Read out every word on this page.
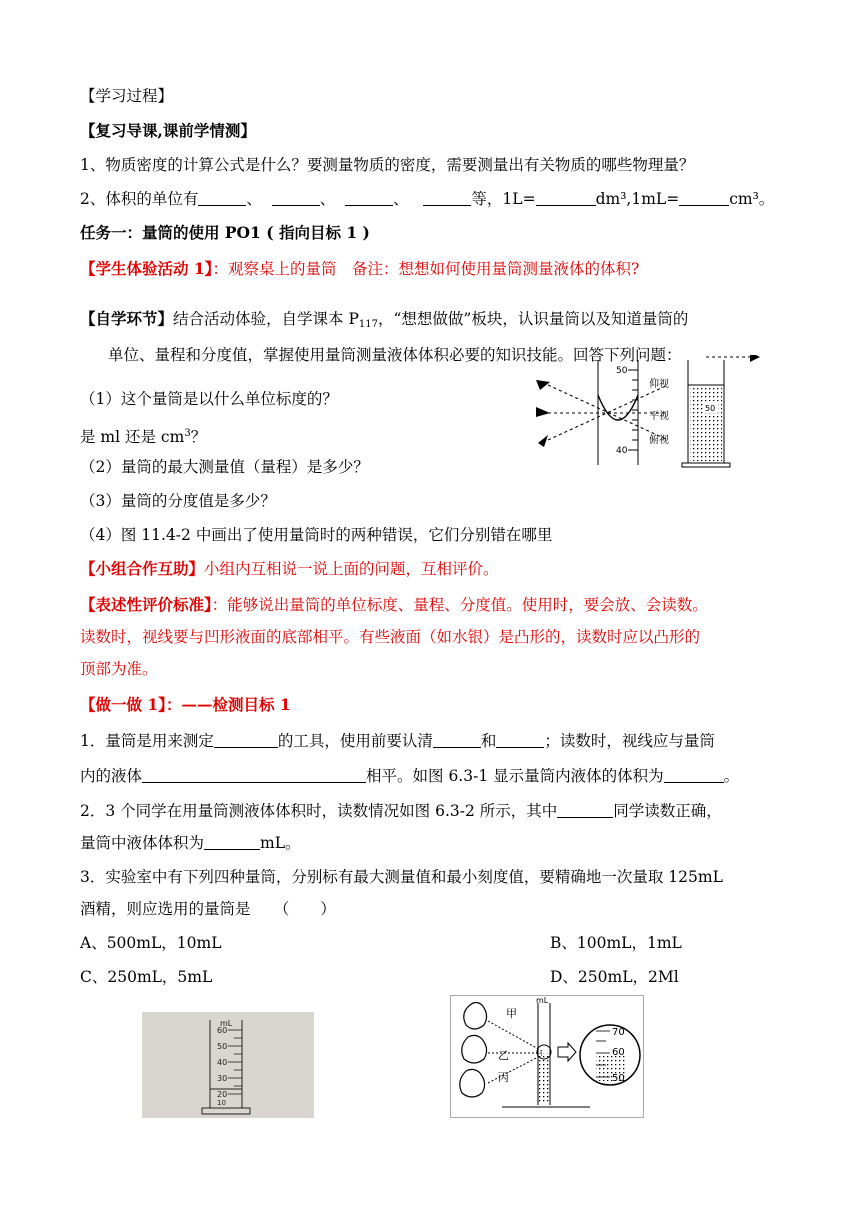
【学习过程】
【复习导课,课前学情测】
1、物质密度的计算公式是什么？要测量物质的密度，需要测量出有关物质的哪些物理量？
2、体积的单位有	、	、	、	等，1L=	dm³,1mL=	cm³。
任务一：量筒的使用 PO1 ( 指向目标 1 )
【学生体验活动 1】：观察桌上的量筒　备注：想想如何使用量筒测量液体的体积?
【自学环节】结合活动体验，自学课本 $P_{117}$，“想想做做”板块，认识量筒以及知道量筒的
单位、量程和分度值，掌握使用量筒测量液体体积必要的知识技能。回答下列问题：
（1）这个量筒是以什么单位标度的？
是 ml 还是 $cm^3$？
（2）量筒的最大测量值（量程）是多少？
（3）量筒的分度值是多少？
（4）图 11.4-2 中画出了使用量筒时的两种错误，它们分别错在哪里
50
40
仰视
平视
俯视
50
【小组合作互助】小组内互相说一说上面的问题，互相评价。
【表述性评价标准】：能够说出量筒的单位标度、量程、分度值。使用时，要会放、会读数。
读数时，视线要与凹形液面的底部相平。有些液面（如水银）是凸形的，读数时应以凸形的
顶部为准。
【做一做 1】：——检测目标 1
1．量筒是用来测定	的工具，使用前要认清	和	；读数时，视线应与量筒
内的液体	相平。如图 6.3-1 显示量筒内液体的体积为	。
2．3 个同学在用量筒测液体体积时，读数情况如图 6.3-2 所示，其中	同学读数正确，
量筒中液体体积为	mL。
3．实验室中有下列四种量筒，分别标有最大测量值和最小刻度值，要精确地一次量取 125mL
酒精，则应选用的量筒是　　（　　）
A、500mL，10mL	B、100mL，1mL
C、250mL，5mL	D、250mL，2Ml
mL
60
50
40
30
20
10
甲
乙
丙
mL
70
60
50
